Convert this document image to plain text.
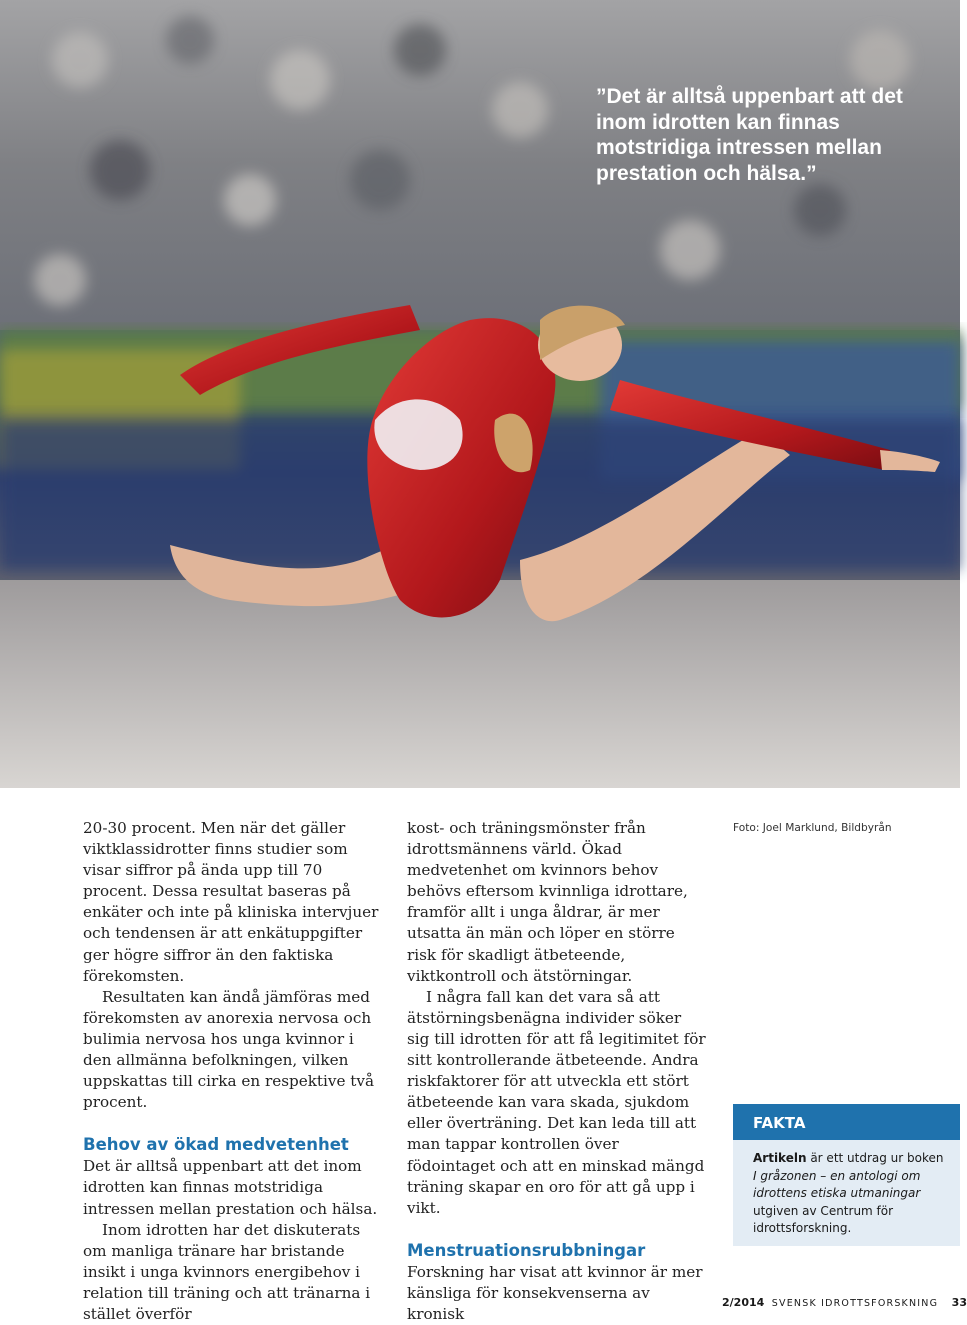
”Det är alltså uppenbart att det inom idrotten kan finnas motstridiga intressen mellan prestation och hälsa.”

20-30 procent. Men när det gäller viktklassidrotter finns studier som visar siffror på ända upp till 70 procent. Dessa resultat baseras på enkäter och inte på kliniska intervjuer och tendensen är att enkätuppgifter ger högre siffror än den faktiska förekomsten.

Resultaten kan ändå jämföras med förekomsten av anorexia nervosa och bulimia nervosa hos unga kvinnor i den allmänna befolkningen, vilken uppskattas till cirka en respektive två procent.

Behov av ökad medvetenhet

Det är alltså uppenbart att det inom idrotten kan finnas motstridiga intressen mellan prestation och hälsa.

Inom idrotten har det diskuterats om manliga tränare har bristande insikt i unga kvinnors energibehov i relation till träning och att tränarna i stället överför

kost- och träningsmönster från idrottsmännens värld. Ökad medvetenhet om kvinnors behov behövs eftersom kvinnliga idrottare, framför allt i unga åldrar, är mer utsatta än män och löper en större risk för skadligt ätbeteende, viktkontroll och ätstörningar.

I några fall kan det vara så att ätstörningsbenägna individer söker sig till idrotten för att få legitimitet för sitt kontrollerande ätbeteende. Andra riskfaktorer för att utveckla ett stört ätbeteende kan vara skada, sjukdom eller överträning. Det kan leda till att man tappar kontrollen över födointaget och att en minskad mängd träning skapar en oro för att gå upp i vikt.

Menstruationsrubbningar

Forskning har visat att kvinnor är mer känsliga för konsekvenserna av kronisk

Foto: Joel Marklund, Bildbyrån
FAKTA
Artikeln är ett utdrag ur boken I gråzonen – en antologi om idrottens etiska utmaningar utgiven av Centrum för idrottsforskning.
2/2014 SVENSK IDROTTSFORSKNING 33
